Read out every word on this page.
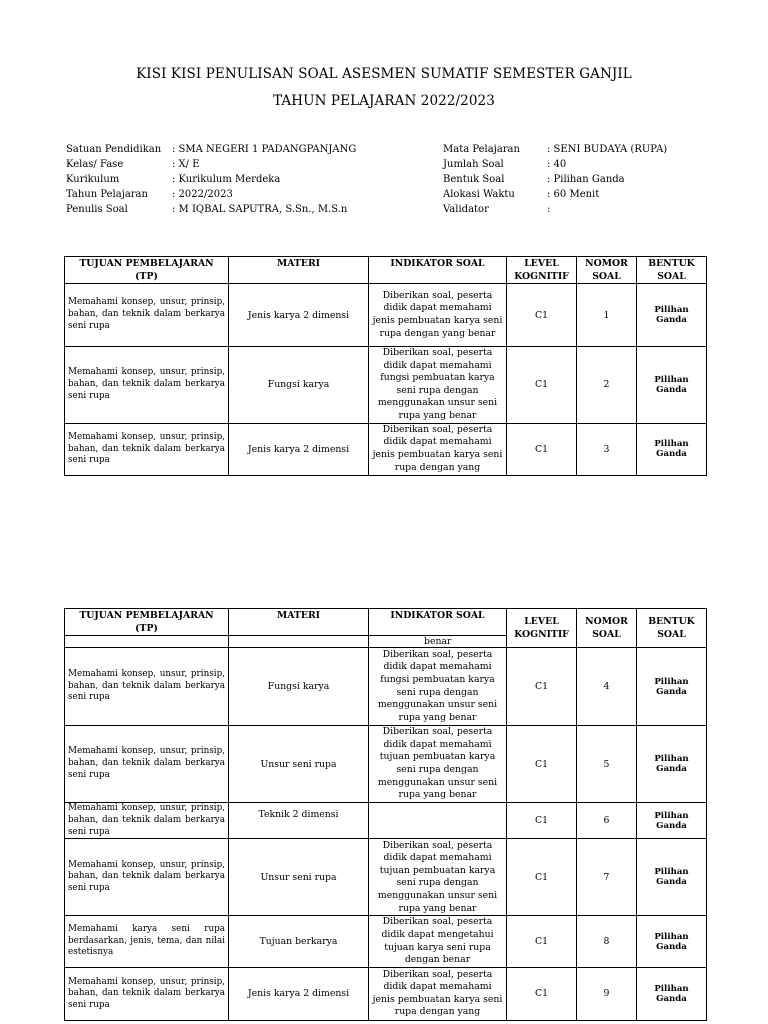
KISI KISI PENULISAN SOAL ASESMEN SUMATIF SEMESTER GANJIL
TAHUN PELAJARAN 2022/2023
Satuan Pendidikan	: SMA NEGERI 1 PADANGPANJANG
Kelas/ Fase	: X/ E
Kurikulum	: Kurikulum Merdeka
Tahun Pelajaran	: 2022/2023
Penulis Soal	: M IQBAL SAPUTRA, S.Sn., M.S.n
Mata Pelajaran	: SENI BUDAYA (RUPA)
Jumlah Soal	: 40
Bentuk Soal	: Pilihan Ganda
Alokasi Waktu	: 60 Menit
Validator	:
TUJUAN PEMBELAJARAN (TP)	MATERI	INDIKATOR SOAL	LEVEL KOGNITIF	NOMOR SOAL	BENTUK SOAL
Memahami konsep, unsur, prinsip, bahan, dan teknik dalam berkarya seni rupa	Jenis karya 2 dimensi	Diberikan soal, peserta didik dapat memahami jenis pembuatan karya seni rupa dengan yang benar	C1	1	Pilihan Ganda
Memahami konsep, unsur, prinsip, bahan, dan teknik dalam berkarya seni rupa	Fungsi karya	Diberikan soal, peserta didik dapat memahami fungsi pembuatan karya seni rupa dengan menggunakan unsur seni rupa yang benar	C1	2	Pilihan Ganda
Memahami konsep, unsur, prinsip, bahan, dan teknik dalam berkarya seni rupa	Jenis karya 2 dimensi	Diberikan soal, peserta didik dapat memahami jenis pembuatan karya seni rupa dengan yang	C1	3	Pilihan Ganda
TUJUAN PEMBELAJARAN (TP)	MATERI	INDIKATOR SOAL	LEVEL KOGNITIF	NOMOR SOAL	BENTUK SOAL
		benar			
Memahami konsep, unsur, prinsip, bahan, dan teknik dalam berkarya seni rupa	Fungsi karya	Diberikan soal, peserta didik dapat memahami fungsi pembuatan karya seni rupa dengan menggunakan unsur seni rupa yang benar	C1	4	Pilihan Ganda
Memahami konsep, unsur, prinsip, bahan, dan teknik dalam berkarya seni rupa	Unsur seni rupa	Diberikan soal, peserta didik dapat memahami tujuan pembuatan karya seni rupa dengan menggunakan unsur seni rupa yang benar	C1	5	Pilihan Ganda
Memahami konsep, unsur, prinsip, bahan, dan teknik dalam berkarya seni rupa	Teknik 2 dimensi		C1	6	Pilihan Ganda
Memahami konsep, unsur, prinsip, bahan, dan teknik dalam berkarya seni rupa	Unsur seni rupa	Diberikan soal, peserta didik dapat memahami tujuan pembuatan karya seni rupa dengan menggunakan unsur seni rupa yang benar	C1	7	Pilihan Ganda
Memahami karya seni rupa berdasarkan, jenis, tema, dan nilai estetisnya	Tujuan berkarya	Diberikan soal, peserta didik dapat mengetahui tujuan karya seni rupa dengan benar	C1	8	Pilihan Ganda
Memahami konsep, unsur, prinsip, bahan, dan teknik dalam berkarya seni rupa	Jenis karya 2 dimensi	Diberikan soal, peserta didik dapat memahami jenis pembuatan karya seni rupa dengan yang	C1	9	Pilihan Ganda
